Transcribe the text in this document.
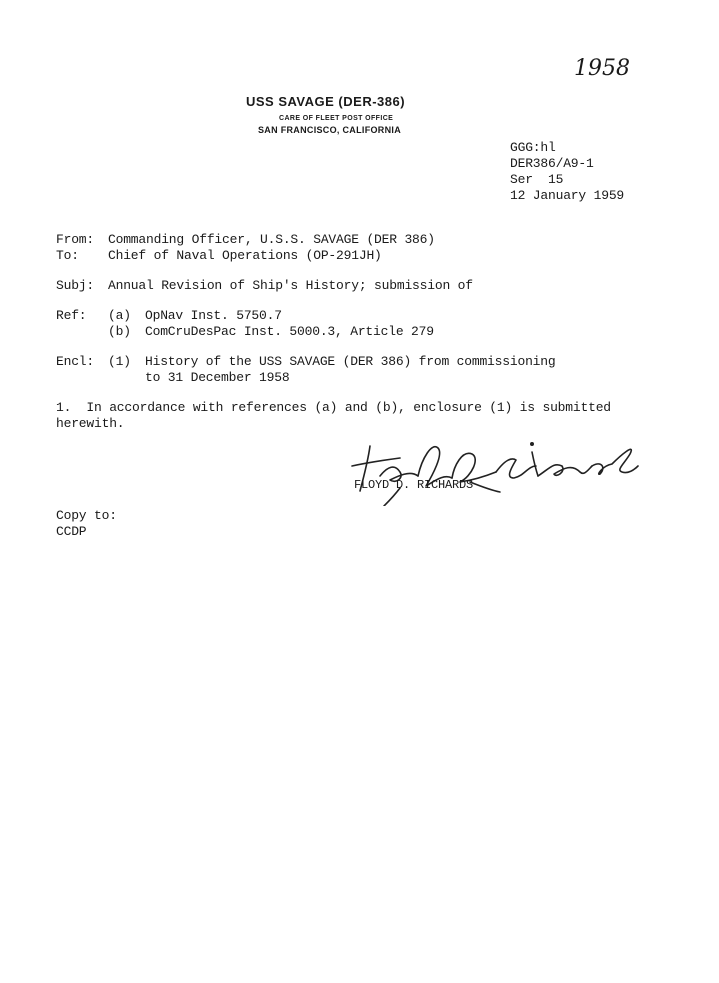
1958
USS SAVAGE (DER-386)
CARE OF FLEET POST OFFICE
SAN FRANCISCO, CALIFORNIA
GGG:hl
DER386/A9-1
Ser  15
12 January 1959
From: Commanding Officer, U.S.S. SAVAGE (DER 386)
To: Chief of Naval Operations (OP-291JH)
Subj: Annual Revision of Ship's History; submission of
Ref: (a) OpNav Inst. 5750.7
(b) ComCruDesPac Inst. 5000.3, Article 279
Encl: (1) History of the USS SAVAGE (DER 386) from commissioning
to 31 December 1958
1.  In accordance with references (a) and (b), enclosure (1) is submitted
herewith.
FLOYD D. RICHARDS
Copy to:
CCDP
